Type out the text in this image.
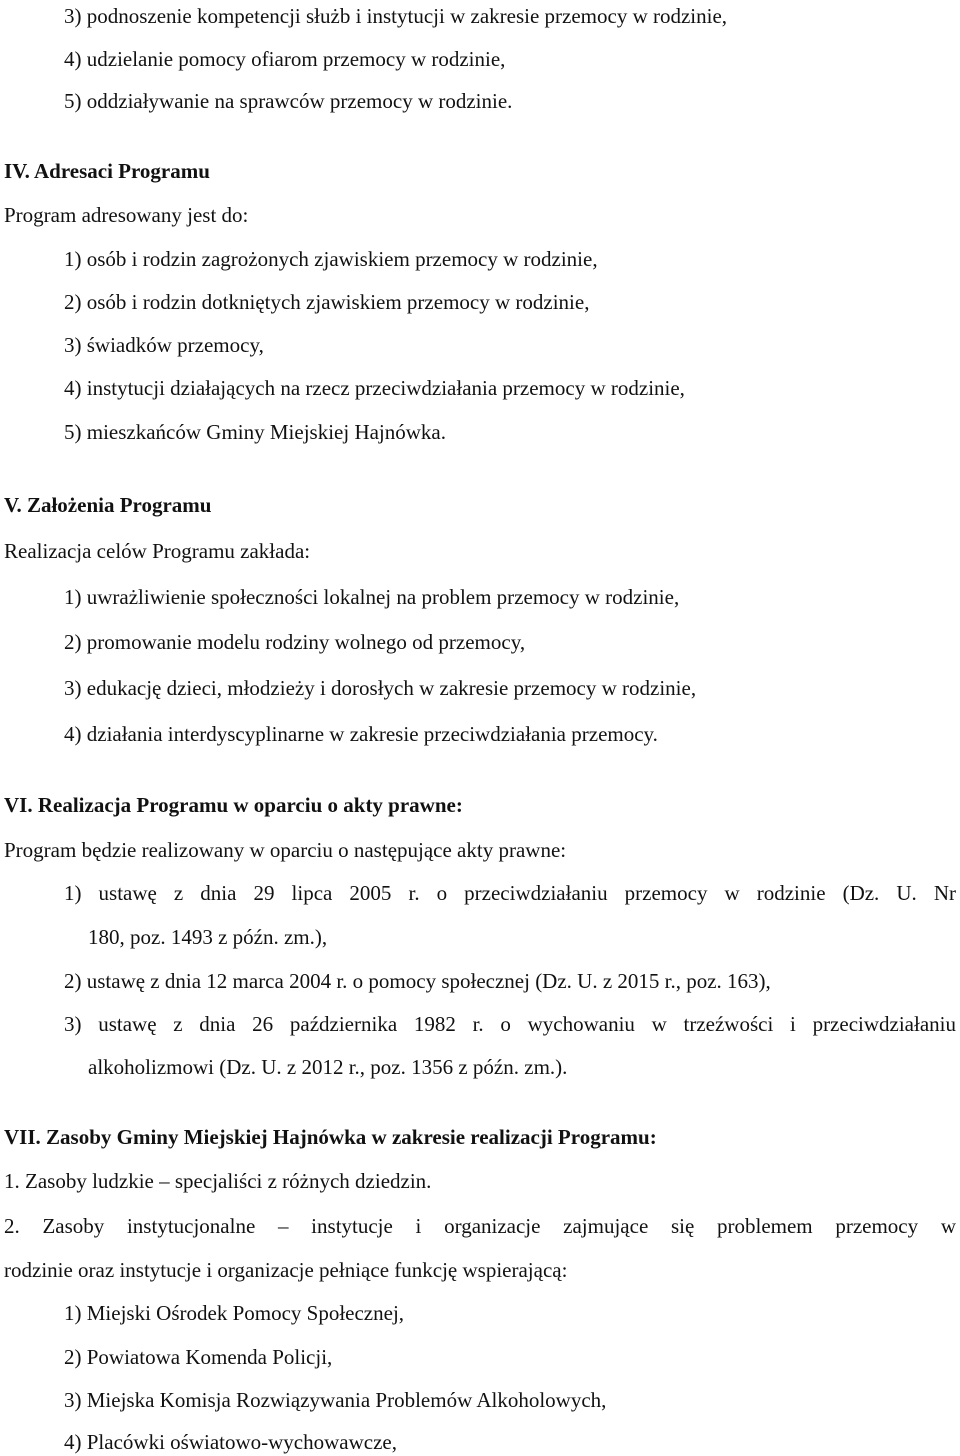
3) podnoszenie kompetencji służb i instytucji w zakresie przemocy w rodzinie,
4) udzielanie pomocy ofiarom przemocy w rodzinie,
5) oddziaływanie na sprawców przemocy w rodzinie.
IV. Adresaci Programu
Program adresowany jest do:
1) osób i rodzin zagrożonych zjawiskiem przemocy w rodzinie,
2) osób i rodzin dotkniętych zjawiskiem przemocy w rodzinie,
3) świadków przemocy,
4) instytucji działających na rzecz przeciwdziałania przemocy w rodzinie,
5) mieszkańców Gminy Miejskiej Hajnówka.
V. Założenia Programu
Realizacja celów Programu zakłada:
1) uwrażliwienie społeczności lokalnej na problem przemocy w rodzinie,
2) promowanie modelu rodziny wolnego od przemocy,
3) edukację dzieci, młodzieży i dorosłych w zakresie przemocy w rodzinie,
4) działania interdyscyplinarne w zakresie przeciwdziałania przemocy.
VI. Realizacja Programu w oparciu o akty prawne:
Program będzie realizowany w oparciu o następujące akty prawne:
1) ustawę z dnia 29 lipca 2005 r. o przeciwdziałaniu przemocy w rodzinie (Dz. U. Nr
180, poz. 1493 z późn. zm.),
2) ustawę z dnia 12 marca 2004 r. o pomocy społecznej (Dz. U. z 2015 r., poz. 163),
3) ustawę z dnia 26 października 1982 r. o wychowaniu w trzeźwości i przeciwdziałaniu
alkoholizmowi (Dz. U. z 2012 r., poz. 1356 z późn. zm.).
VII. Zasoby Gminy Miejskiej Hajnówka w zakresie realizacji Programu:
1. Zasoby ludzkie – specjaliści z różnych dziedzin.
2. Zasoby instytucjonalne – instytucje i organizacje zajmujące się problemem przemocy w
rodzinie oraz instytucje i organizacje pełniące funkcję wspierającą:
1) Miejski Ośrodek Pomocy Społecznej,
2) Powiatowa Komenda Policji,
3) Miejska Komisja Rozwiązywania Problemów Alkoholowych,
4) Placówki oświatowo-wychowawcze,
